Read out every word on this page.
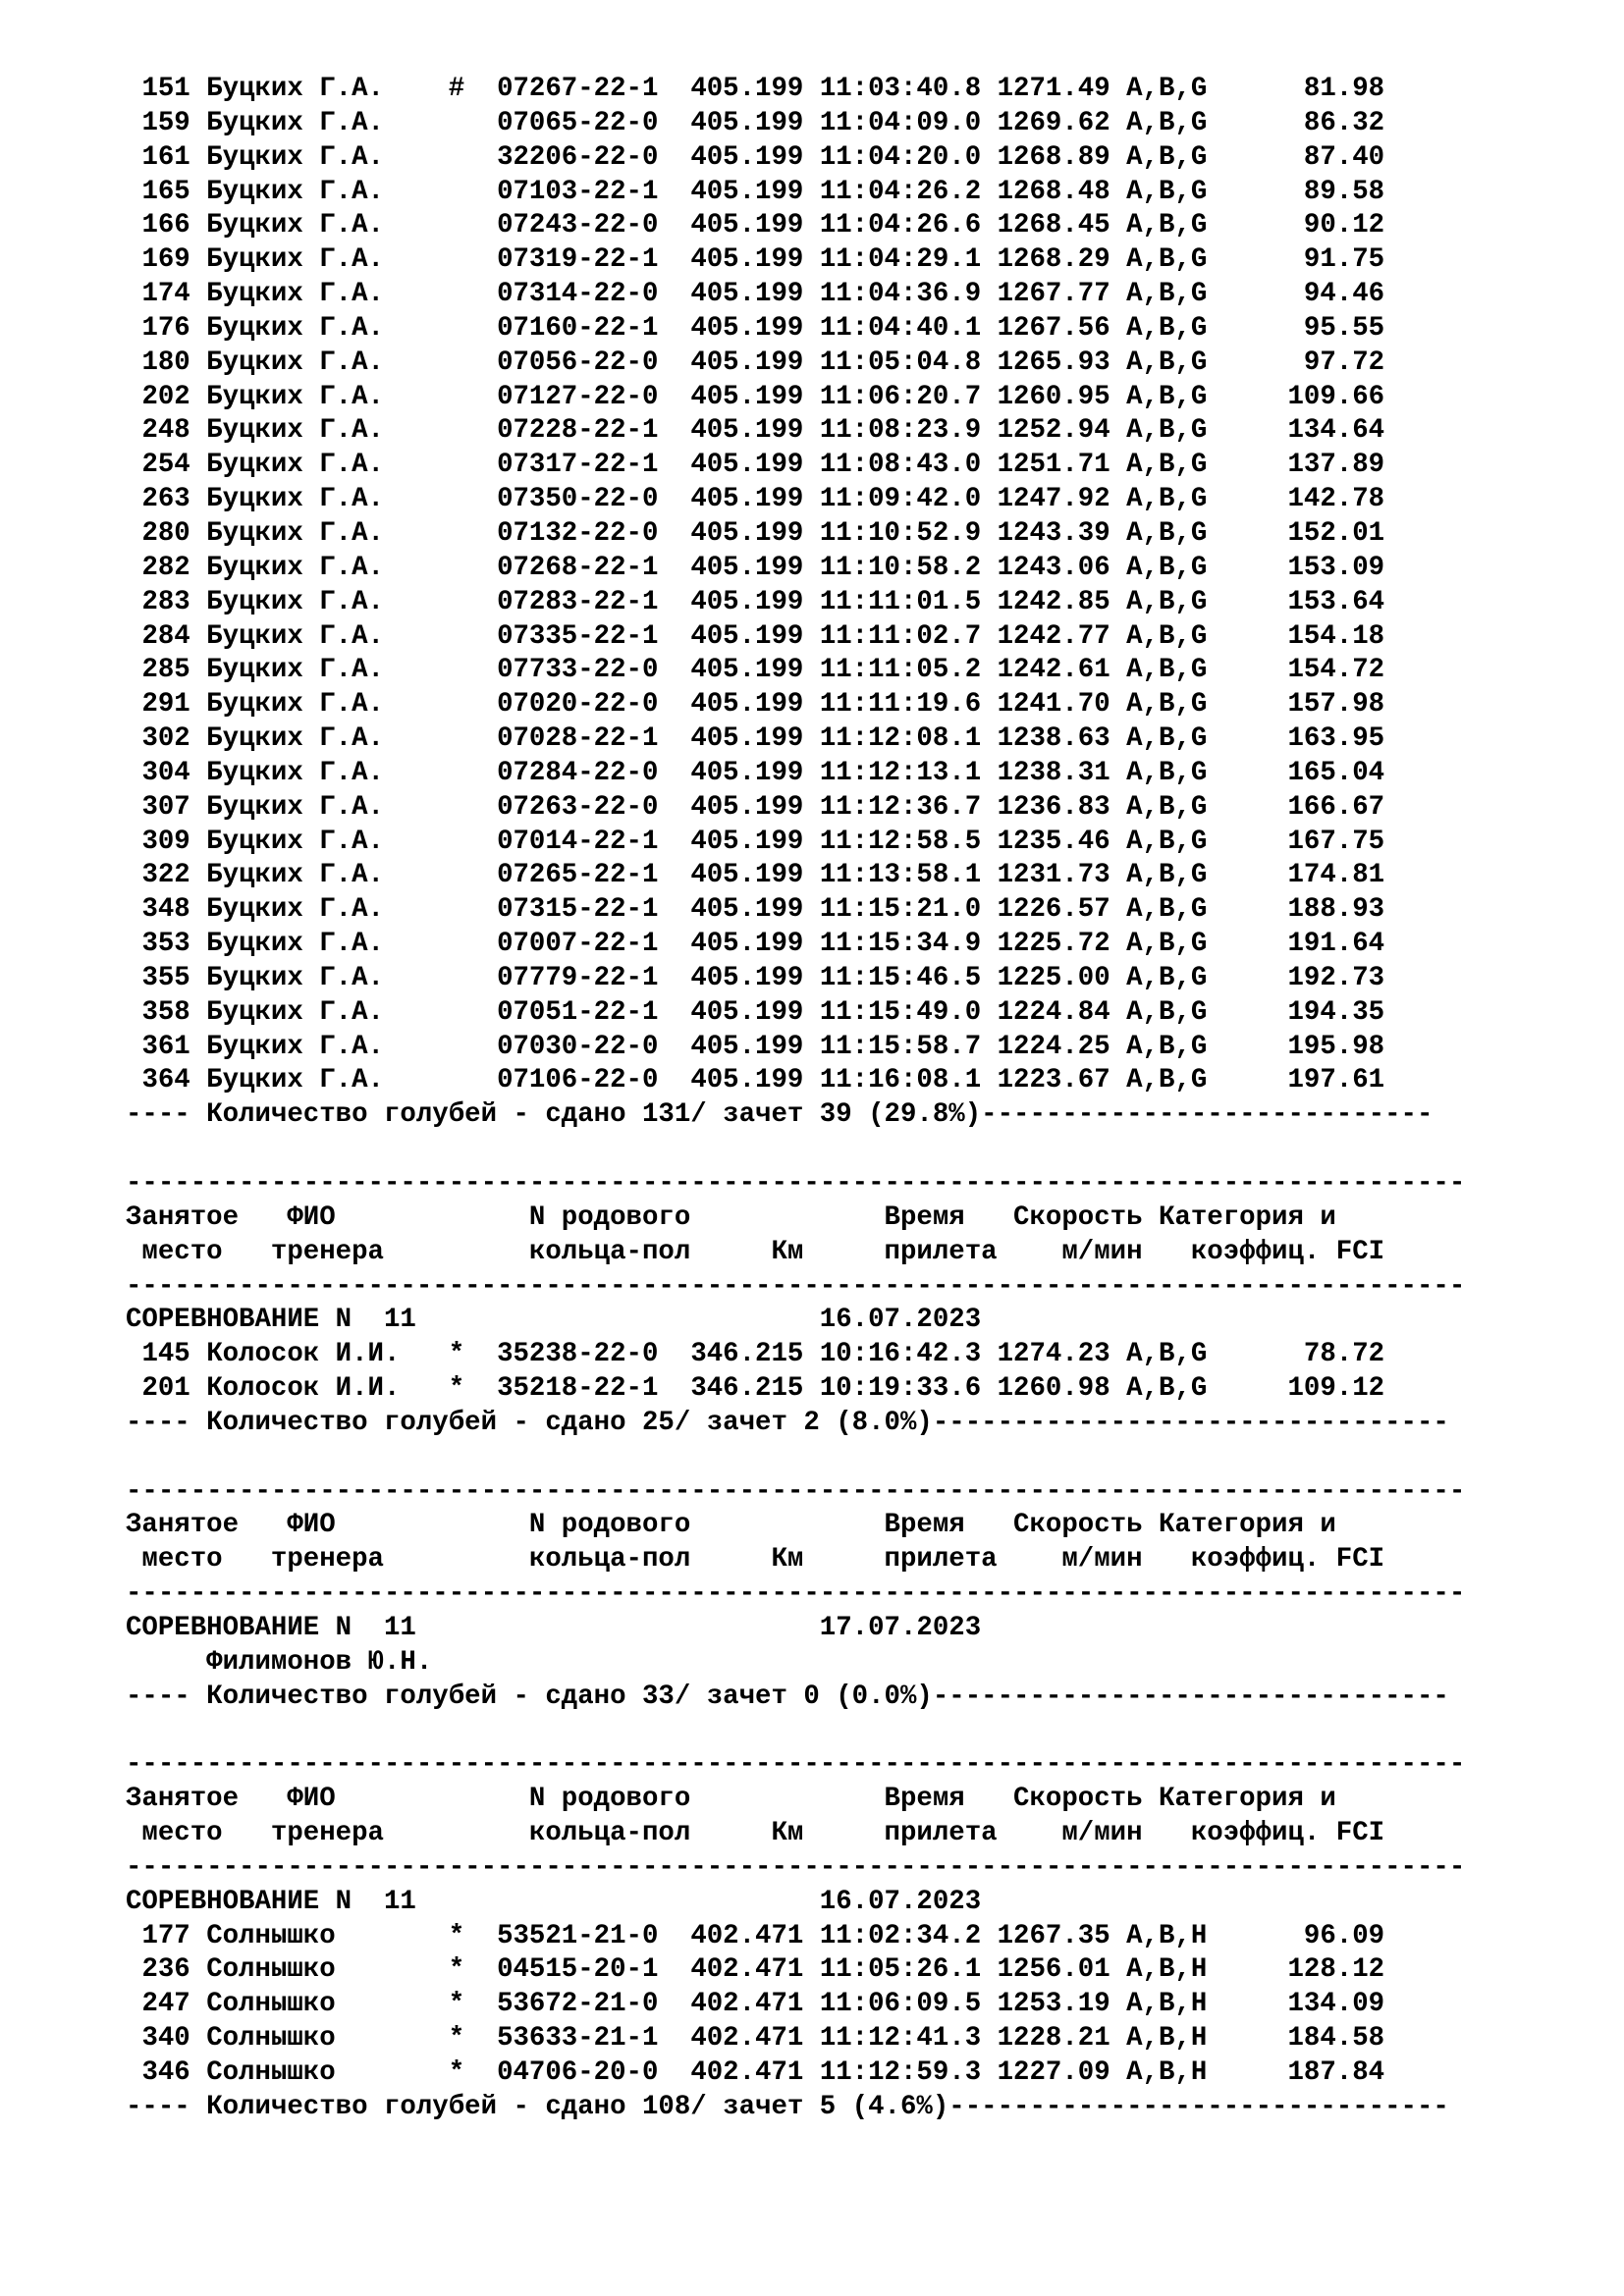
151 Буцких Г.А.    # 07267-22-1 405.199 11:03:40.8 1271.49 A,B,G      81.98
159 Буцких Г.А.	07065-22-0 405.199 11:04:09.0 1269.62 A,B,G      86.32
161 Буцких Г.А.	32206-22-0 405.199 11:04:20.0 1268.89 A,B,G      87.40
165 Буцких Г.А.	07103-22-1 405.199 11:04:26.2 1268.48 A,B,G      89.58
166 Буцких Г.А.	07243-22-0 405.199 11:04:26.6 1268.45 A,B,G      90.12
169 Буцких Г.А.	07319-22-1 405.199 11:04:29.1 1268.29 A,B,G      91.75
174 Буцких Г.А.	07314-22-0 405.199 11:04:36.9 1267.77 A,B,G      94.46
176 Буцких Г.А.	07160-22-1 405.199 11:04:40.1 1267.56 A,B,G      95.55
180 Буцких Г.А.	07056-22-0 405.199 11:05:04.8 1265.93 A,B,G      97.72
202 Буцких Г.А.	07127-22-0 405.199 11:06:20.7 1260.95 A,B,G     109.66
248 Буцких Г.А.	07228-22-1 405.199 11:08:23.9 1252.94 A,B,G     134.64
254 Буцких Г.А.	07317-22-1 405.199 11:08:43.0 1251.71 A,B,G     137.89
263 Буцких Г.А.	07350-22-0 405.199 11:09:42.0 1247.92 A,B,G     142.78
280 Буцких Г.А.	07132-22-0 405.199 11:10:52.9 1243.39 A,B,G     152.01
282 Буцких Г.А.	07268-22-1 405.199 11:10:58.2 1243.06 A,B,G     153.09
283 Буцких Г.А.	07283-22-1 405.199 11:11:01.5 1242.85 A,B,G     153.64
284 Буцких Г.А.	07335-22-1 405.199 11:11:02.7 1242.77 A,B,G     154.18
285 Буцких Г.А.	07733-22-0 405.199 11:11:05.2 1242.61 A,B,G     154.72
291 Буцких Г.А.	07020-22-0 405.199 11:11:19.6 1241.70 A,B,G     157.98
302 Буцких Г.А.	07028-22-1 405.199 11:12:08.1 1238.63 A,B,G     163.95
304 Буцких Г.А.	07284-22-0 405.199 11:12:13.1 1238.31 A,B,G     165.04
307 Буцких Г.А.	07263-22-0 405.199 11:12:36.7 1236.83 A,B,G     166.67
309 Буцких Г.А.	07014-22-1 405.199 11:12:58.5 1235.46 A,B,G     167.75
322 Буцких Г.А.	07265-22-1 405.199 11:13:58.1 1231.73 A,B,G     174.81
348 Буцких Г.А.	07315-22-1 405.199 11:15:21.0 1226.57 A,B,G     188.93
353 Буцких Г.А.	07007-22-1 405.199 11:15:34.9 1225.72 A,B,G     191.64
355 Буцких Г.А.	07779-22-1 405.199 11:15:46.5 1225.00 A,B,G     192.73
358 Буцких Г.А.	07051-22-1 405.199 11:15:49.0 1224.84 A,B,G     194.35
361 Буцких Г.А.	07030-22-0 405.199 11:15:58.7 1224.25 A,B,G     195.98
364 Буцких Г.А.	07106-22-0 405.199 11:16:08.1 1223.67 A,B,G     197.61
---- Количество голубей - сдано 131/ зачет 39 (29.8%)----------------------------
-----------------------------------------------------------------------------------
Занятое   ФИО            N родового            Время   Скорость Категория и
место   тренера         кольца-пол     Км     прилета    м/мин   коэффиц. FCI
-----------------------------------------------------------------------------------
СОРЕВНОВАНИЕ N  11                         16.07.2023
145 Колосок И.И.   * 35238-22-0 346.215 10:16:42.3 1274.23 A,B,G      78.72
201 Колосок И.И.   * 35218-22-1 346.215 10:19:33.6 1260.98 A,B,G     109.12
---- Количество голубей - сдано 25/ зачет 2 (8.0%)--------------------------------
-----------------------------------------------------------------------------------
Занятое   ФИО            N родового            Время   Скорость Категория и
место   тренера         кольца-пол     Км     прилета    м/мин   коэффиц. FCI
-----------------------------------------------------------------------------------
СОРЕВНОВАНИЕ N  11                         17.07.2023
Филимонов Ю.Н.
---- Количество голубей - сдано 33/ зачет 0 (0.0%)--------------------------------
-----------------------------------------------------------------------------------
Занятое   ФИО            N родового            Время   Скорость Категория и
место   тренера         кольца-пол     Км     прилета    м/мин   коэффиц. FCI
-----------------------------------------------------------------------------------
СОРЕВНОВАНИЕ N  11                         16.07.2023
177 Солнышко       * 53521-21-0 402.471 11:02:34.2 1267.35 A,B,H      96.09
236 Солнышко       * 04515-20-1 402.471 11:05:26.1 1256.01 A,B,H     128.12
247 Солнышко       * 53672-21-0 402.471 11:06:09.5 1253.19 A,B,H     134.09
340 Солнышко       * 53633-21-1 402.471 11:12:41.3 1228.21 A,B,H     184.58
346 Солнышко       * 04706-20-0 402.471 11:12:59.3 1227.09 A,B,H     187.84
---- Количество голубей - сдано 108/ зачет 5 (4.6%)-------------------------------
